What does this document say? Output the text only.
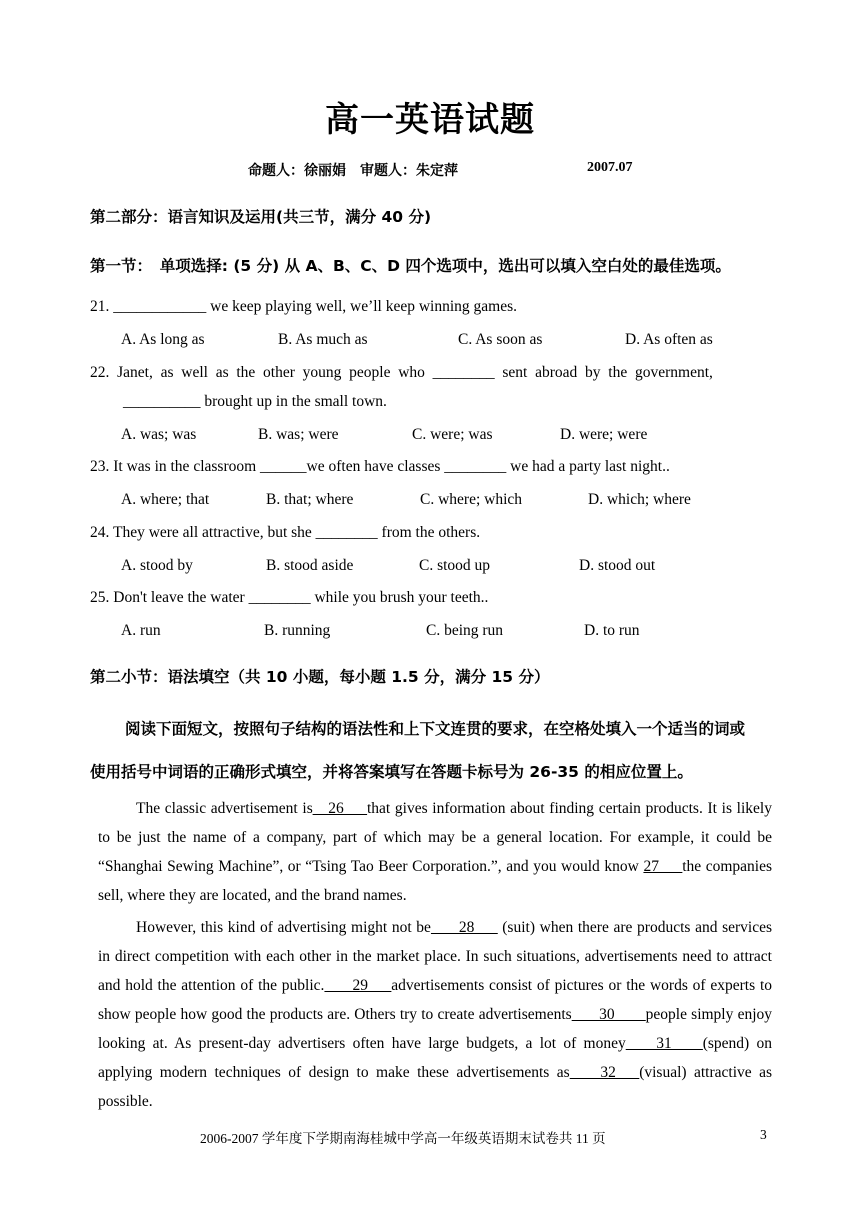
高一英语试题
命题人：徐丽娟　审题人：朱定萍	2007.07
第二部分：语言知识及运用(共三节，满分 40 分)
第一节：　单项选择: (5 分) 从 A、B、C、D 四个选项中，选出可以填入空白处的最佳选项。
21. ____________ we keep playing well, we’ll keep winning games.
A. As long as	B. As much as	C. As soon as	D. As often as
22.  Janet,  as  well  as  the  other  young  people  who  ________  sent  abroad  by  the  government,
__________ brought up in the small town.
A. was; was	B. was; were	C. were; was	D. were; were
23. It was in the classroom ______we often have classes ________ we had a party last night..
A. where; that	B. that; where	C. where; which	D. which; where
24. They were all attractive, but she ________ from the others.
A. stood by	B. stood aside	C. stood up	D. stood out
25. Don't leave the water ________ while you brush your teeth..
A. run	B. running	C. being run	D. to run
第二小节：语法填空（共 10 小题，每小题 1.5 分，满分 15 分）
阅读下面短文，按照句子结构的语法性和上下文连贯的要求，在空格处填入一个适当的词或
使用括号中词语的正确形式填空，并将答案填写在答题卡标号为 26-35 的相应位置上。
The classic advertisement is__26___that gives information about finding certain products. It is likely to be just the name of a company, part of which may be a general location. For example, it could be “Shanghai Sewing Machine”, or “Tsing Tao Beer Corporation.”, and you would know 27___the companies sell, where they are located, and the brand names.
However, this kind of advertising might not be ___28___ (suit) when there are products and services in direct competition with each other in the market place. In such situations, advertisements need to attract and hold the attention of the public. ___29___advertisements consist of pictures or the words of experts to show people how good the products are. Others try to create advertisements ___30____people simply enjoy looking at. As present-day advertisers often have large budgets, a lot of money ___31____(spend) on applying modern techniques of design to make these advertisements as ___32___(visual) attractive as possible.
2006-2007 学年度下学期南海桂城中学高一年级英语期末试卷共 11 页	3
